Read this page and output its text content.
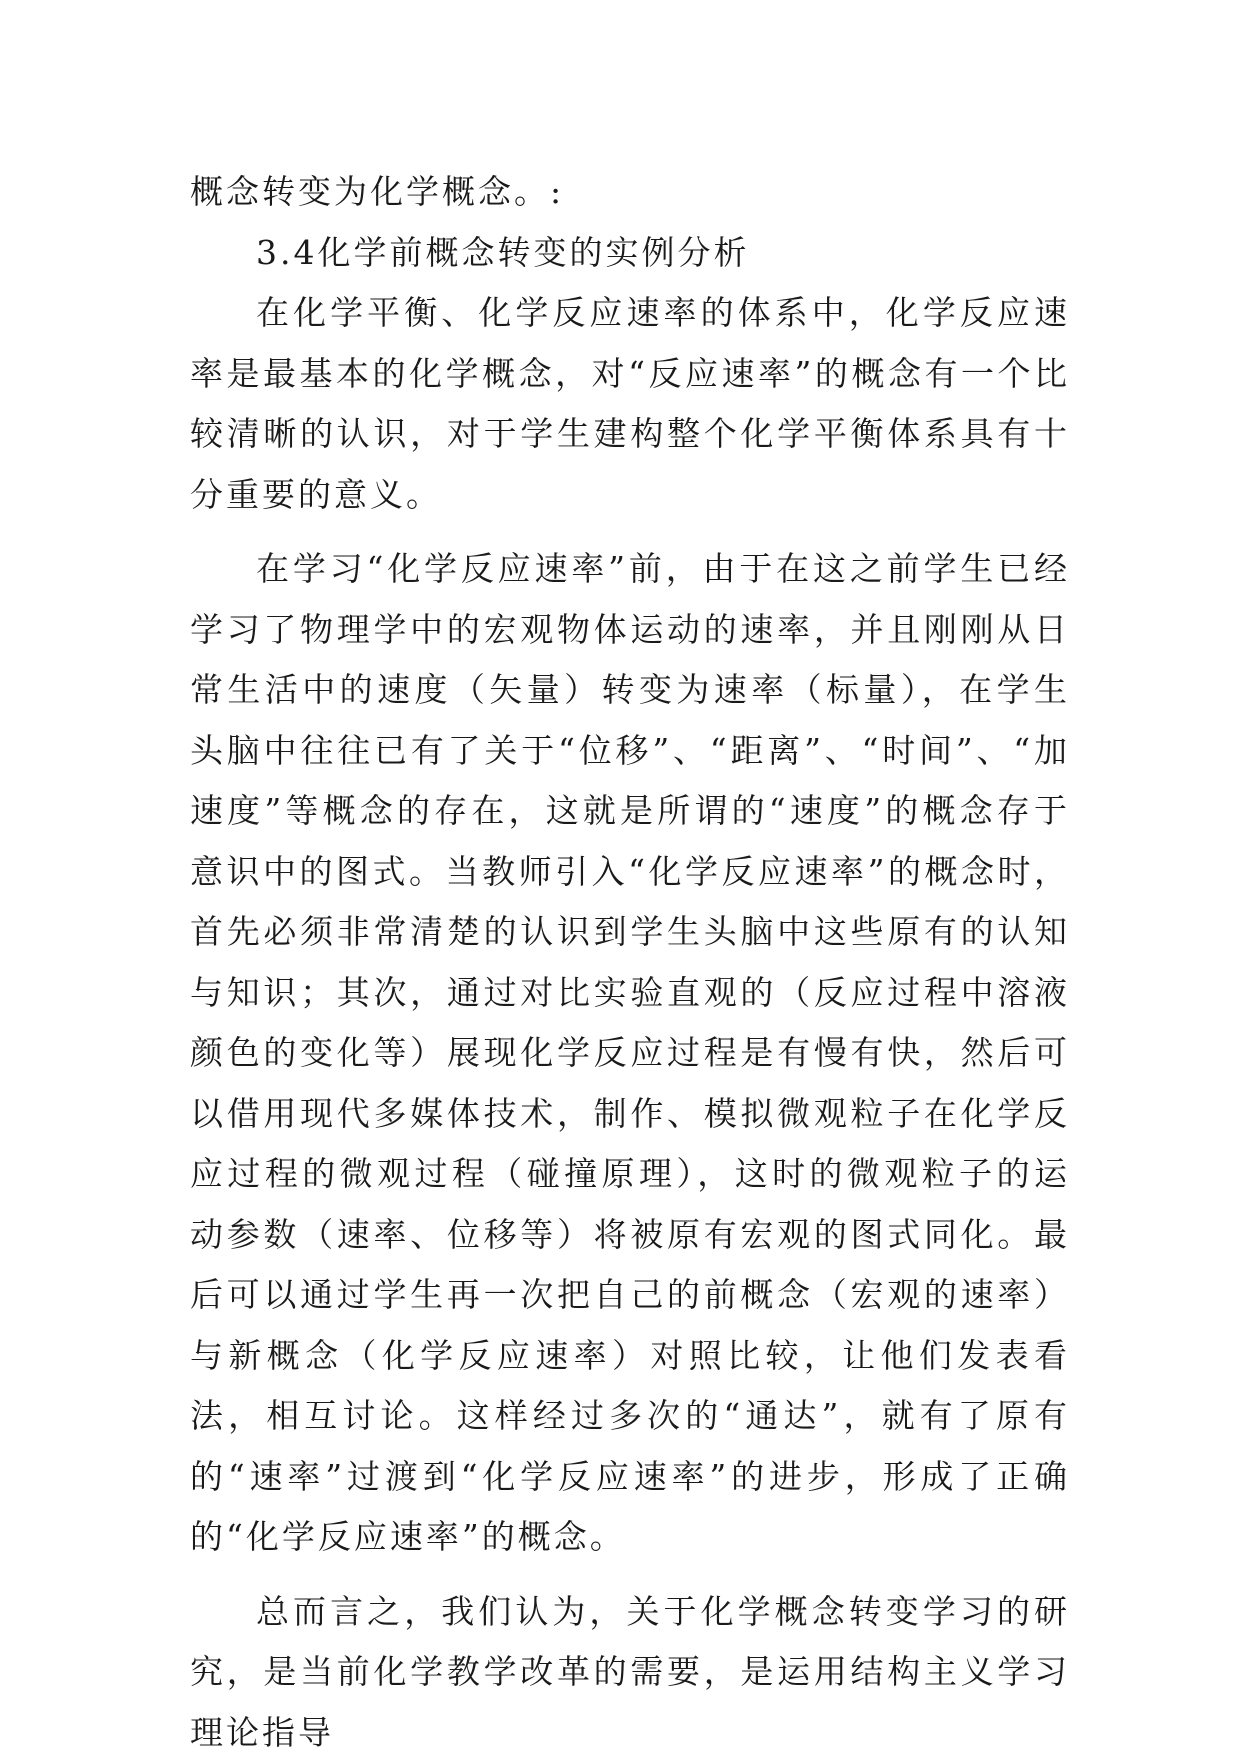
概念转变为化学概念。:

3.4化学前概念转变的实例分析

在化学平衡、化学反应速率的体系中，化学反应速率是最基本的化学概念，对“反应速率”的概念有一个比较清晰的认识，对于学生建构整个化学平衡体系具有十分重要的意义。

在学习“化学反应速率”前，由于在这之前学生已经学习了物理学中的宏观物体运动的速率，并且刚刚从日常生活中的速度（矢量）转变为速率（标量），在学生头脑中往往已有了关于“位移”、“距离”、“时间”、“加速度”等概念的存在，这就是所谓的“速度”的概念存于意识中的图式。当教师引入“化学反应速率”的概念时，首先必须非常清楚的认识到学生头脑中这些原有的认知与知识；其次，通过对比实验直观的（反应过程中溶液颜色的变化等）展现化学反应过程是有慢有快，然后可以借用现代多媒体技术，制作、模拟微观粒子在化学反应过程的微观过程（碰撞原理），这时的微观粒子的运动参数（速率、位移等）将被原有宏观的图式同化。最后可以通过学生再一次把自己的前概念（宏观的速率）与新概念（化学反应速率）对照比较，让他们发表看法，相互讨论。这样经过多次的“通达”，就有了原有的“速率”过渡到“化学反应速率”的进步，形成了正确的“化学反应速率”的概念。

总而言之，我们认为，关于化学概念转变学习的研究，是当前化学教学改革的需要，是运用结构主义学习理论指导
